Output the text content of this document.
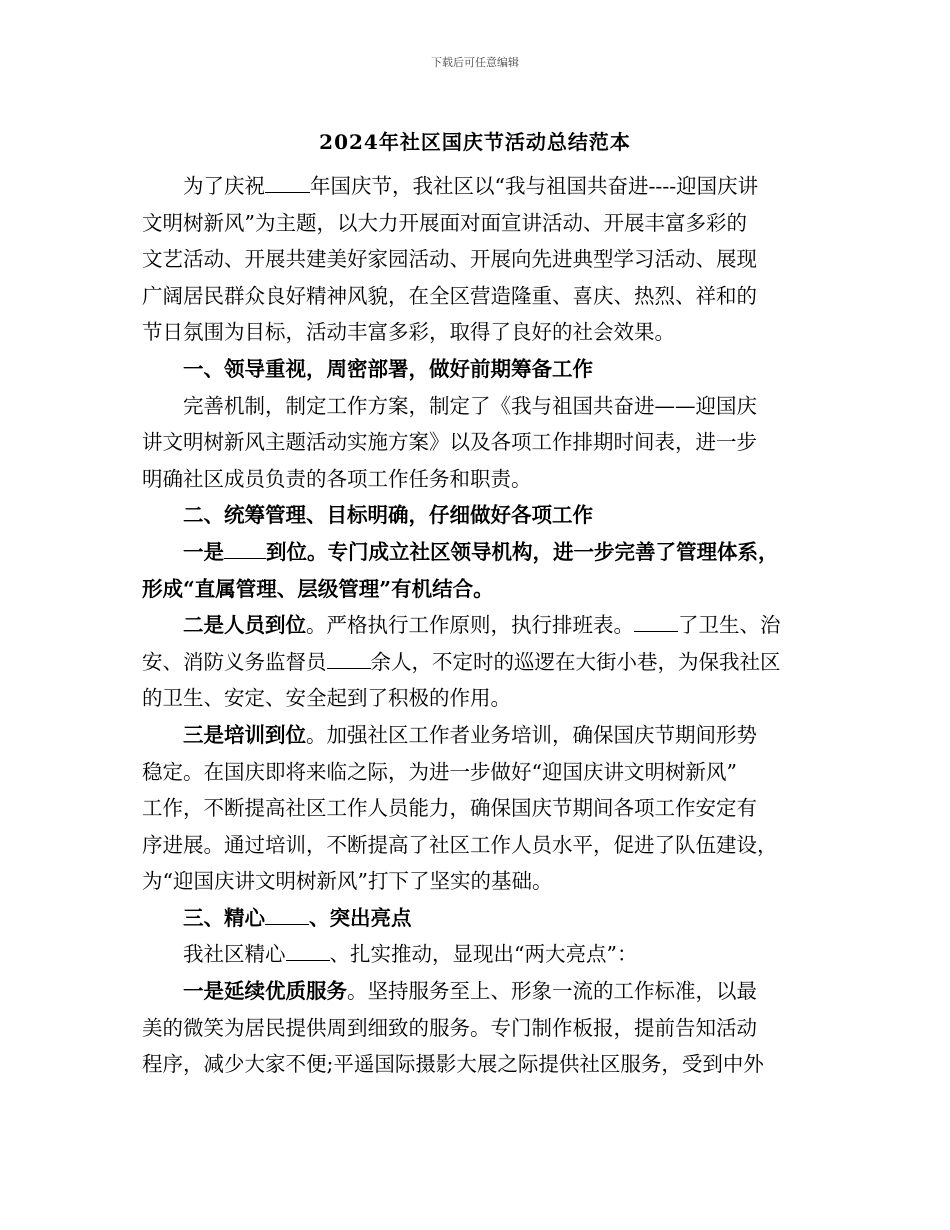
下载后可任意编辑
2024年社区国庆节活动总结范本
为了庆祝 年国庆节，我社区以“我与祖国共奋进----迎国庆讲
文明树新风”为主题，以大力开展面对面宣讲活动、开展丰富多彩的
文艺活动、开展共建美好家园活动、开展向先进典型学习活动、展现
广阔居民群众良好精神风貌，在全区营造隆重、喜庆、热烈、祥和的
节日氛围为目标，活动丰富多彩，取得了良好的社会效果。
一、领导重视，周密部署，做好前期筹备工作
完善机制，制定工作方案，制定了《我与祖国共奋进——迎国庆
讲文明树新风主题活动实施方案》以及各项工作排期时间表，进一步
明确社区成员负责的各项工作任务和职责。
二、统筹管理、目标明确，仔细做好各项工作
一是 到位。专门成立社区领导机构，进一步完善了管理体系，
形成“直属管理、层级管理”有机结合。
二是人员到位。严格执行工作原则，执行排班表。 了卫生、治
安、消防义务监督员 余人，不定时的巡逻在大街小巷，为保我社区
的卫生、安定、安全起到了积极的作用。
三是培训到位。加强社区工作者业务培训，确保国庆节期间形势
稳定。在国庆即将来临之际，为进一步做好“迎国庆讲文明树新风”
工作，不断提高社区工作人员能力，确保国庆节期间各项工作安定有
序进展。通过培训，不断提高了社区工作人员水平，促进了队伍建设，
为“迎国庆讲文明树新风”打下了坚实的基础。
三、精心 、突出亮点
我社区精心 、扎实推动，显现出“两大亮点”：
一是延续优质服务。坚持服务至上、形象一流的工作标准，以最
美的微笑为居民提供周到细致的服务。专门制作板报，提前告知活动
程序，减少大家不便;平遥国际摄影大展之际提供社区服务，受到中外
